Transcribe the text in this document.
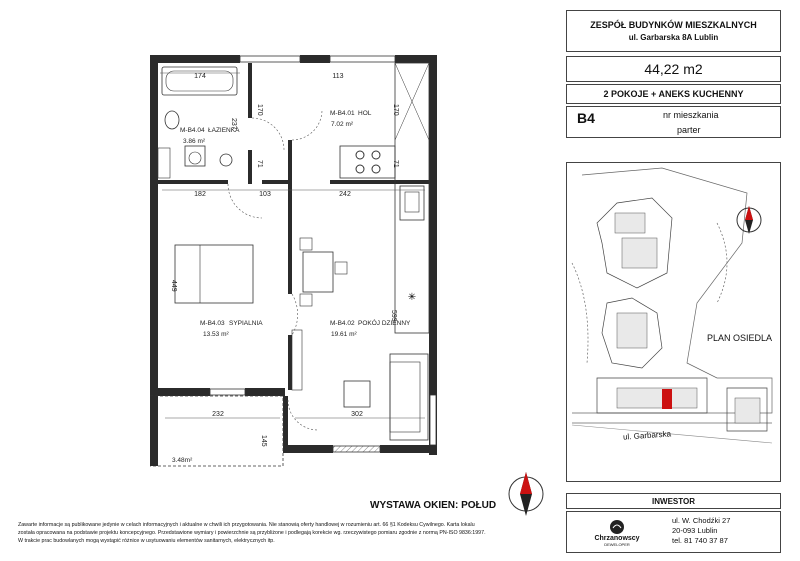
✳
174	113
170	170
237
71	71
182	103	242
449
599
232
145
302
M-B4.01 HOL
7.02 m²
M-B4.02 POKÓJ DZIENNY
19.61 m²
M-B4.03 SYPIALNIA
13.53 m²
M-B4.04 ŁAZIENKA
3.86 m²
3.48m²
ZESPÓŁ BUDYNKÓW MIESZKALNYCH
ul. Garbarska 8A Lublin
44,22 m2
2 POKOJE + ANEKS KUCHENNY
B4	nr mieszkania
parter
PLAN OSIEDLA
ul. Garbarska
WYSTAWA OKIEN: POŁUD	INWESTOR
Chrzanowscy
DEWELOPER
ul. W. Chodźki 27
20-093 Lublin
tel. 81 740 37 87
Zawarte informacje są publikowane jedynie w celach informacyjnych i aktualne w chwili ich przygotowania. Nie stanowią oferty handlowej w rozumieniu art. 66 §1 Kodeksu Cywilnego. Karta lokalu
została opracowana na podstawie projektu koncepcyjnego. Przedstawione wymiary i powierzchnie są przybliżone i podlegają korekcie wg. rzeczywistego pomiaru zgodnie z normą PN-ISO 9836:1997.
W trakcie prac budowlanych mogą wystąpić różnice w usytuowaniu elementów sanitarnych, elektrycznych itp.
